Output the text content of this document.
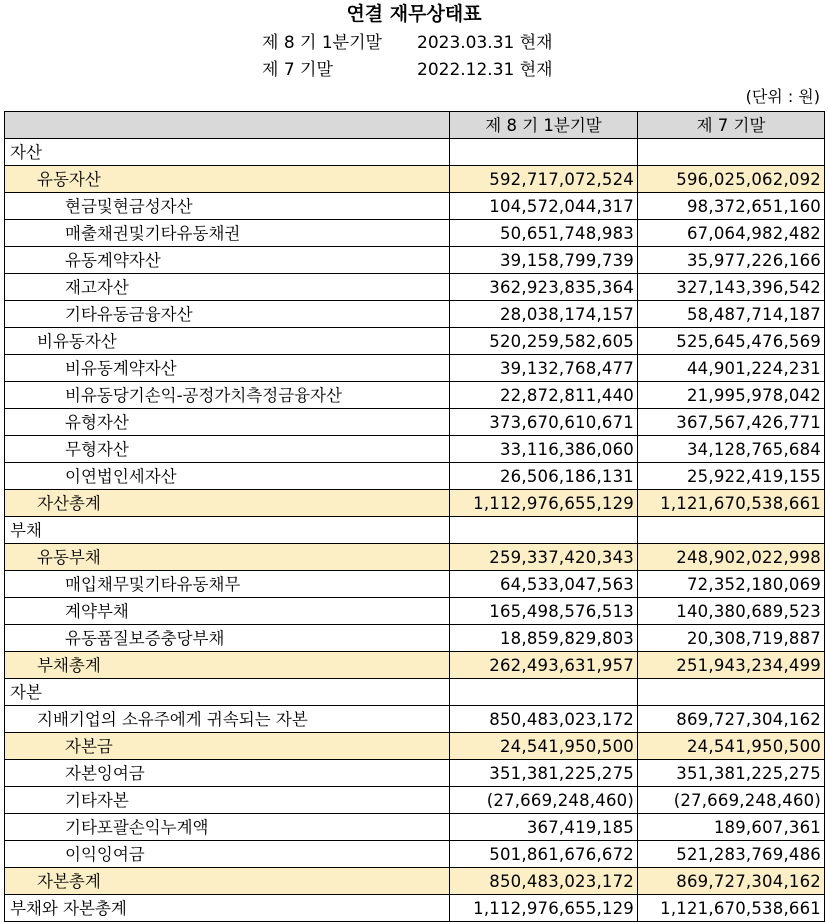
연결 재무상태표
제 8 기 1분기말 2023.03.31 현재
제 7 기말	2022.12.31 현재
(단위 : 원)
	제 8 기 1분기말	제 7 기말
자산		
유동자산	592,717,072,524	596,025,062,092
현금및현금성자산	104,572,044,317	98,372,651,160
매출채권및기타유동채권	50,651,748,983	67,064,982,482
유동계약자산	39,158,799,739	35,977,226,166
재고자산	362,923,835,364	327,143,396,542
기타유동금융자산	28,038,174,157	58,487,714,187
비유동자산	520,259,582,605	525,645,476,569
비유동계약자산	39,132,768,477	44,901,224,231
비유동당기손익-공정가치측정금융자산	22,872,811,440	21,995,978,042
유형자산	373,670,610,671	367,567,426,771
무형자산	33,116,386,060	34,128,765,684
이연법인세자산	26,506,186,131	25,922,419,155
자산총계	1,112,976,655,129	1,121,670,538,661
부채		
유동부채	259,337,420,343	248,902,022,998
매입채무및기타유동채무	64,533,047,563	72,352,180,069
계약부채	165,498,576,513	140,380,689,523
유동품질보증충당부채	18,859,829,803	20,308,719,887
부채총계	262,493,631,957	251,943,234,499
자본		
지배기업의 소유주에게 귀속되는 자본	850,483,023,172	869,727,304,162
자본금	24,541,950,500	24,541,950,500
자본잉여금	351,381,225,275	351,381,225,275
기타자본	(27,669,248,460)	(27,669,248,460)
기타포괄손익누계액	367,419,185	189,607,361
이익잉여금	501,861,676,672	521,283,769,486
자본총계	850,483,023,172	869,727,304,162
부채와 자본총계	1,112,976,655,129	1,121,670,538,661
